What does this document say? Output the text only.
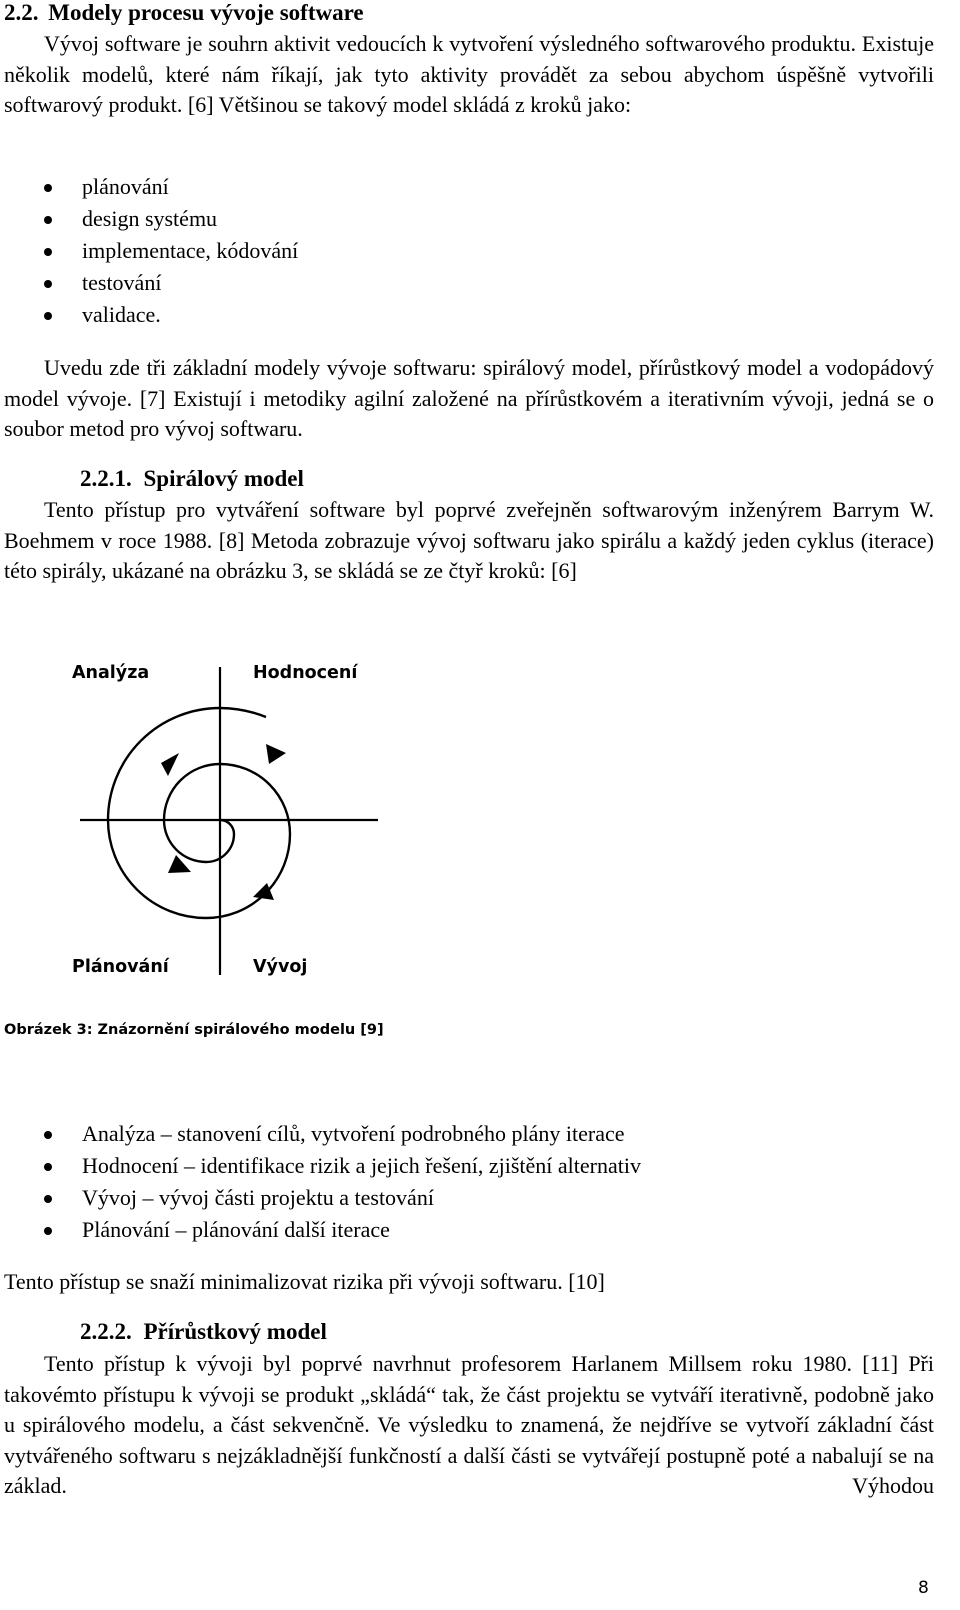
2.2. Modely procesu vývoje software

Vývoj software je souhrn aktivit vedoucích k vytvoření výsledného softwarového produktu. Existuje několik modelů, které nám říkají, jak tyto aktivity provádět za sebou abychom úspěšně vytvořili softwarový produkt. [6] Většinou se takový model skládá z kroků jako:

plánování
design systému
implementace, kódování
testování
validace.

Uvedu zde tři základní modely vývoje softwaru: spirálový model, přírůstkový model a vodopádový model vývoje. [7] Existují i metodiky agilní založené na přírůstkovém a iterativním vývoji, jedná se o soubor metod pro vývoj softwaru.

2.2.1. Spirálový model

Tento přístup pro vytváření software byl poprvé zveřejněn softwarovým inženýrem Barrym W. Boehmem v roce 1988. [8] Metoda zobrazuje vývoj softwaru jako spirálu a každý jeden cyklus (iterace) této spirály, ukázané na obrázku 3, se skládá se ze čtyř kroků: [6]

Analýza	Hodnocení
Plánování	Vývoj
Obrázek 3: Znázornění spirálového modelu [9]
Analýza – stanovení cílů, vytvoření podrobného plány iterace
Hodnocení – identifikace rizik a jejich řešení, zjištění alternativ
Vývoj – vývoj části projektu a testování
Plánování – plánování další iterace

Tento přístup se snaží minimalizovat rizika při vývoji softwaru. [10]

2.2.2. Přírůstkový model

Tento přístup k vývoji byl poprvé navrhnut profesorem Harlanem Millsem roku 1980. [11] Při takovémto přístupu k vývoji se produkt „skládá“ tak, že část projektu se vytváří iterativně, podobně jako u spirálového modelu, a část sekvenčně. Ve výsledku to znamená, že nejdříve se vytvoří základní část vytvářeného softwaru s nejzákladnější funkčností a další části se vytvářejí postupně poté a nabalují se na základ. Výhodou

8
